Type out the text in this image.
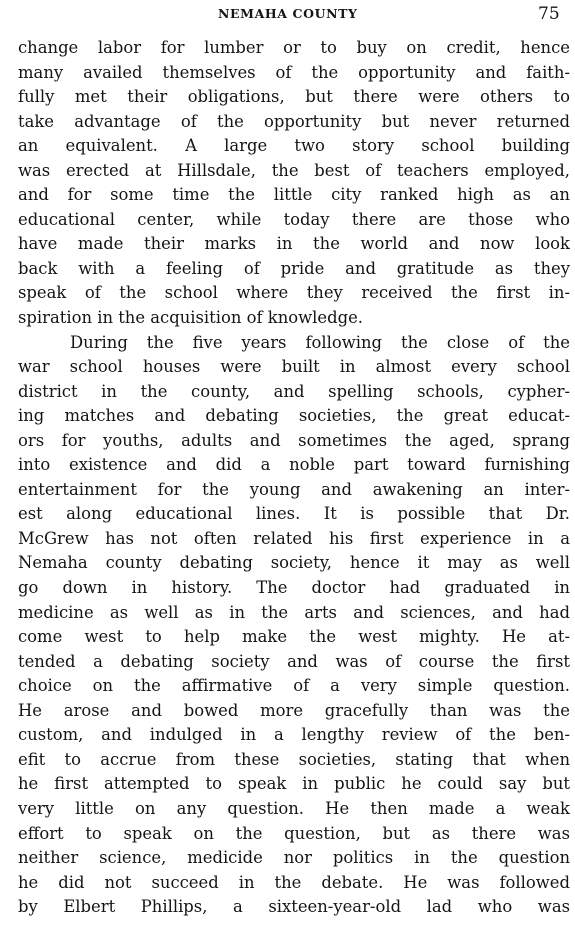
NEMAHA COUNTY	75
change labor for lumber or to buy on credit, hence
many availed themselves of the opportunity and faith-
fully met their obligations, but there were others to
take advantage of the opportunity but never returned
an equivalent. A large two story school building
was erected at Hillsdale, the best of teachers employed,
and for some time the little city ranked high as an
educational center, while today there are those who
have made their marks in the world and now look
back with a feeling of pride and gratitude as they
speak of the school where they received the first in-
spiration in the acquisition of knowledge.
During the five years following the close of the
war school houses were built in almost every school
district in the county, and spelling schools, cypher-
ing matches and debating societies, the great educat-
ors for youths, adults and sometimes the aged, sprang
into existence and did a noble part toward furnishing
entertainment for the young and awakening an inter-
est along educational lines. It is possible that Dr.
McGrew has not often related his first experience in a
Nemaha county debating society, hence it may as well
go down in history. The doctor had graduated in
medicine as well as in the arts and sciences, and had
come west to help make the west mighty. He at-
tended a debating society and was of course the first
choice on the affirmative of a very simple question.
He arose and bowed more gracefully than was the
custom, and indulged in a lengthy review of the ben-
efit to accrue from these societies, stating that when
he first attempted to speak in public he could say but
very little on any question. He then made a weak
effort to speak on the question, but as there was
neither science, medicide nor politics in the question
he did not succeed in the debate. He was followed
by Elbert Phillips, a sixteen-year-old lad who was
